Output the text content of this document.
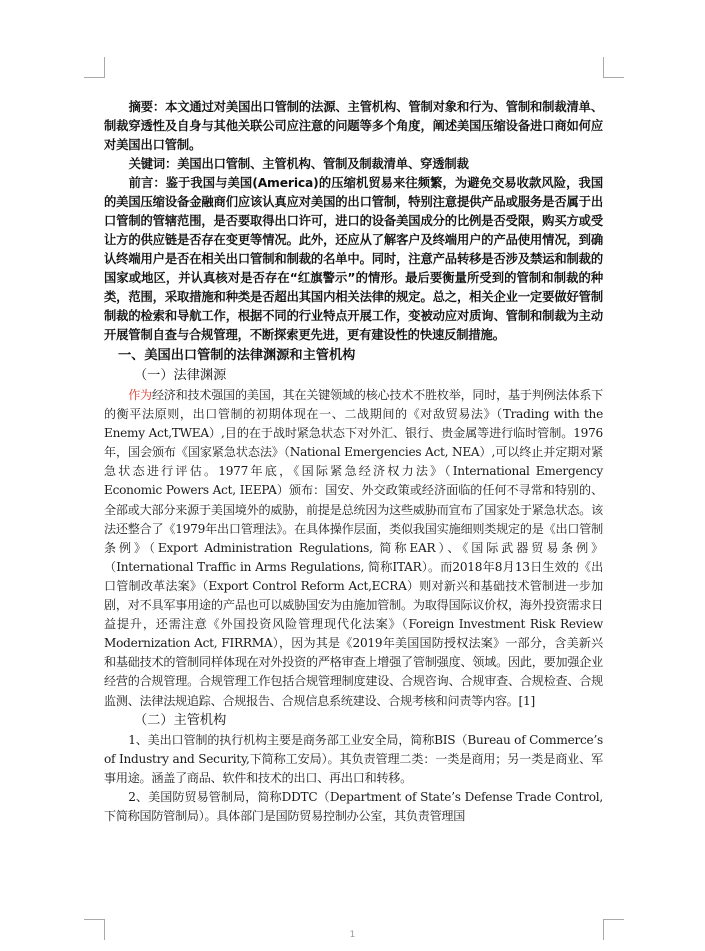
摘要：本文通过对美国出口管制的法源、主管机构、管制对象和行为、管制和制裁清单、制裁穿透性及自身与其他关联公司应注意的问题等多个角度，阐述美国压缩设备进口商如何应对美国出口管制。

关键词：美国出口管制、主管机构、管制及制裁清单、穿透制裁

前言：鉴于我国与美国(America)的压缩机贸易来往频繁，为避免交易收款风险，我国的美国压缩设备金融商们应该认真应对美国的出口管制，特别注意提供产品或服务是否属于出口管制的管辖范围，是否要取得出口许可，进口的设备美国成分的比例是否受限，购买方或受让方的供应链是否存在变更等情况。此外，还应从了解客户及终端用户的产品使用情况，到确认终端用户是否在相关出口管制和制裁的名单中。同时，注意产品转移是否涉及禁运和制裁的国家或地区，并认真核对是否存在“红旗警示”的情形。最后要衡量所受到的管制和制裁的种类，范围，采取措施和种类是否超出其国内相关法律的规定。总之，相关企业一定要做好管制制裁的检索和导航工作，根据不同的行业特点开展工作，变被动应对质询、管制和制裁为主动开展管制自查与合规管理，不断探索更先进，更有建设性的快速反制措施。

一、美国出口管制的法律渊源和主管机构

（一）法律渊源

作为经济和技术强国的美国，其在关键领域的核心技术不胜枚举，同时，基于判例法体系下的衡平法原则，出口管制的初期体现在一、二战期间的《对敌贸易法》（Trading with the Enemy Act,TWEA）,目的在于战时紧急状态下对外汇、银行、贵金属等进行临时管制。1976年，国会颁布《国家紧急状态法》（National Emergencies Act, NEA）,可以终止并定期对紧急状态进行评估。1977年底，《国际紧急经济权力法》（International Emergency Economic Powers Act, IEEPA）颁布：国安、外交政策或经济面临的任何不寻常和特别的、全部或大部分来源于美国境外的威胁，前提是总统因为这些威胁而宣布了国家处于紧急状态。该法还整合了《1979年出口管理法》。在具体操作层面，类似我国实施细则类规定的是《出口管制条例》（Export Administration Regulations, 简称EAR）、《国际武器贸易条例》（International Traffic in Arms Regulations, 简称ITAR）。而2018年8月13日生效的《出口管制改革法案》（Export Control Reform Act,ECRA）则对新兴和基础技术管制进一步加剧，对不具军事用途的产品也可以威胁国安为由施加管制。为取得国际议价权，海外投资需求日益提升，还需注意《外国投资风险管理现代化法案》（Foreign Investment Risk Review Modernization Act, FIRRMA），因为其是《2019年美国国防授权法案》一部分，含美新兴和基础技术的管制同样体现在对外投资的严格审查上增强了管制强度、领域。因此，要加强企业经营的合规管理。合规管理工作包括合规管理制度建设、合规咨询、合规审查、合规检查、合规监测、法律法规追踪、合规报告、合规信息系统建设、合规考核和问责等内容。[1]

（二）主管机构

1、美出口管制的执行机构主要是商务部工业安全局，简称BIS（Bureau of Commerce’s of Industry and Security,下简称工安局）。其负责管理二类：一类是商用；另一类是商业、军事用途。涵盖了商品、软件和技术的出口、再出口和转移。

2、美国防贸易管制局，简称DDTC（Department of State’s Defense Trade Control,下简称国防管制局）。具体部门是国防贸易控制办公室，其负责管理国

1
